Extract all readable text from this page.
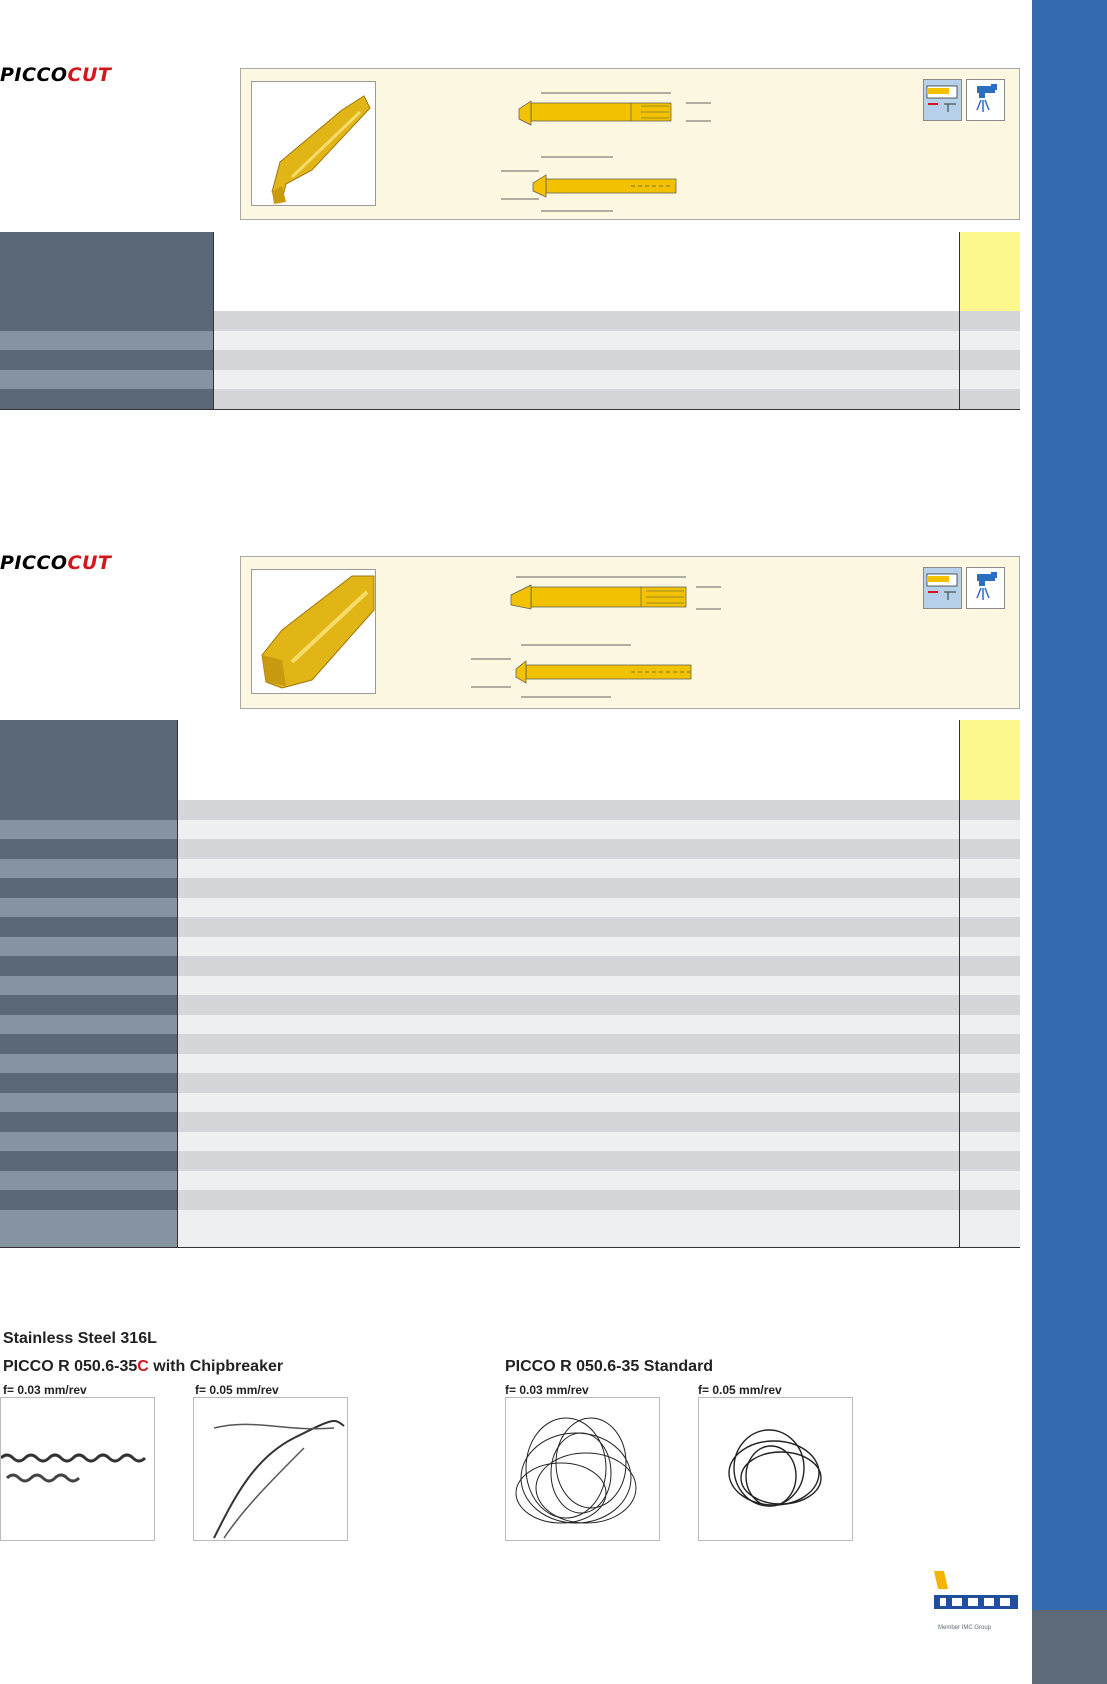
PICCOCUT
PICCOCUT
Stainless Steel 316L
PICCO R 050.6-35C with Chipbreaker	PICCO R 050.6-35 Standard
f= 0.03 mm/rev	f= 0.05 mm/rev	f= 0.03 mm/rev	f= 0.05 mm/rev
Member IMC Group
